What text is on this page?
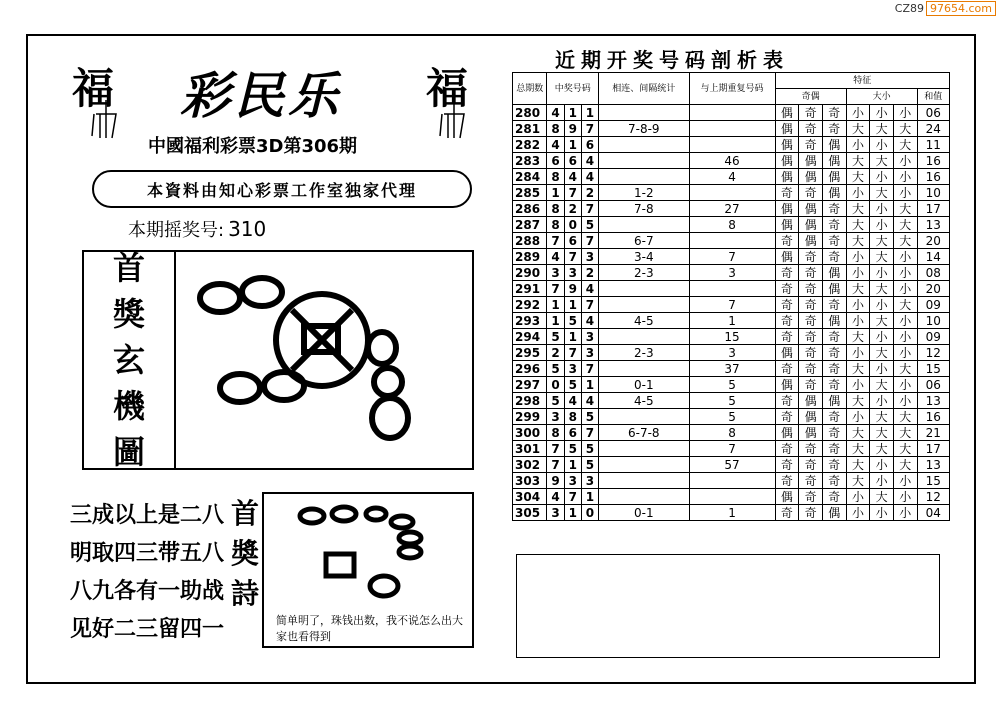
CZ89 97654.com
福	福
彩民乐
中國福利彩票3D第306期
本資料由知心彩票工作室独家代理
本期摇奖号: 310
首
獎
玄
機
圖
三成以上是二八
明取四三带五八
八九各有一助战
见好二三留四一
首
奬
詩
简单明了，珠钱出数，我不说怎么出大家也看得到
近期开奖号码剖析表
总期数	中奖号码			相连、间隔统计	与上期重复号码	特征						
						奇偶			大小			和值
280	4	1	1			偶	奇	奇	小	小	小	06
281	8	9	7	7-8-9		偶	奇	奇	大	大	大	24
282	4	1	6			偶	奇	偶	小	小	大	11
283	6	6	4		46	偶	偶	偶	大	大	小	16
284	8	4	4		4	偶	偶	偶	大	小	小	16
285	1	7	2	1-2		奇	奇	偶	小	大	小	10
286	8	2	7	7-8	27	偶	偶	奇	大	小	大	17
287	8	0	5		8	偶	偶	奇	大	小	大	13
288	7	6	7	6-7		奇	偶	奇	大	大	大	20
289	4	7	3	3-4	7	偶	奇	奇	小	大	小	14
290	3	3	2	2-3	3	奇	奇	偶	小	小	小	08
291	7	9	4			奇	奇	偶	大	大	小	20
292	1	1	7		7	奇	奇	奇	小	小	大	09
293	1	5	4	4-5	1	奇	奇	偶	小	大	小	10
294	5	1	3		15	奇	奇	奇	大	小	小	09
295	2	7	3	2-3	3	偶	奇	奇	小	大	小	12
296	5	3	7		37	奇	奇	奇	大	小	大	15
297	0	5	1	0-1	5	偶	奇	奇	小	大	小	06
298	5	4	4	4-5	5	奇	偶	偶	大	小	小	13
299	3	8	5		5	奇	偶	奇	小	大	大	16
300	8	6	7	6-7-8	8	偶	偶	奇	大	大	大	21
301	7	5	5		7	奇	奇	奇	大	大	大	17
302	7	1	5		57	奇	奇	奇	大	小	大	13
303	9	3	3			奇	奇	奇	大	小	小	15
304	4	7	1			偶	奇	奇	小	大	小	12
305	3	1	0	0-1	1	奇	奇	偶	小	小	小	04
